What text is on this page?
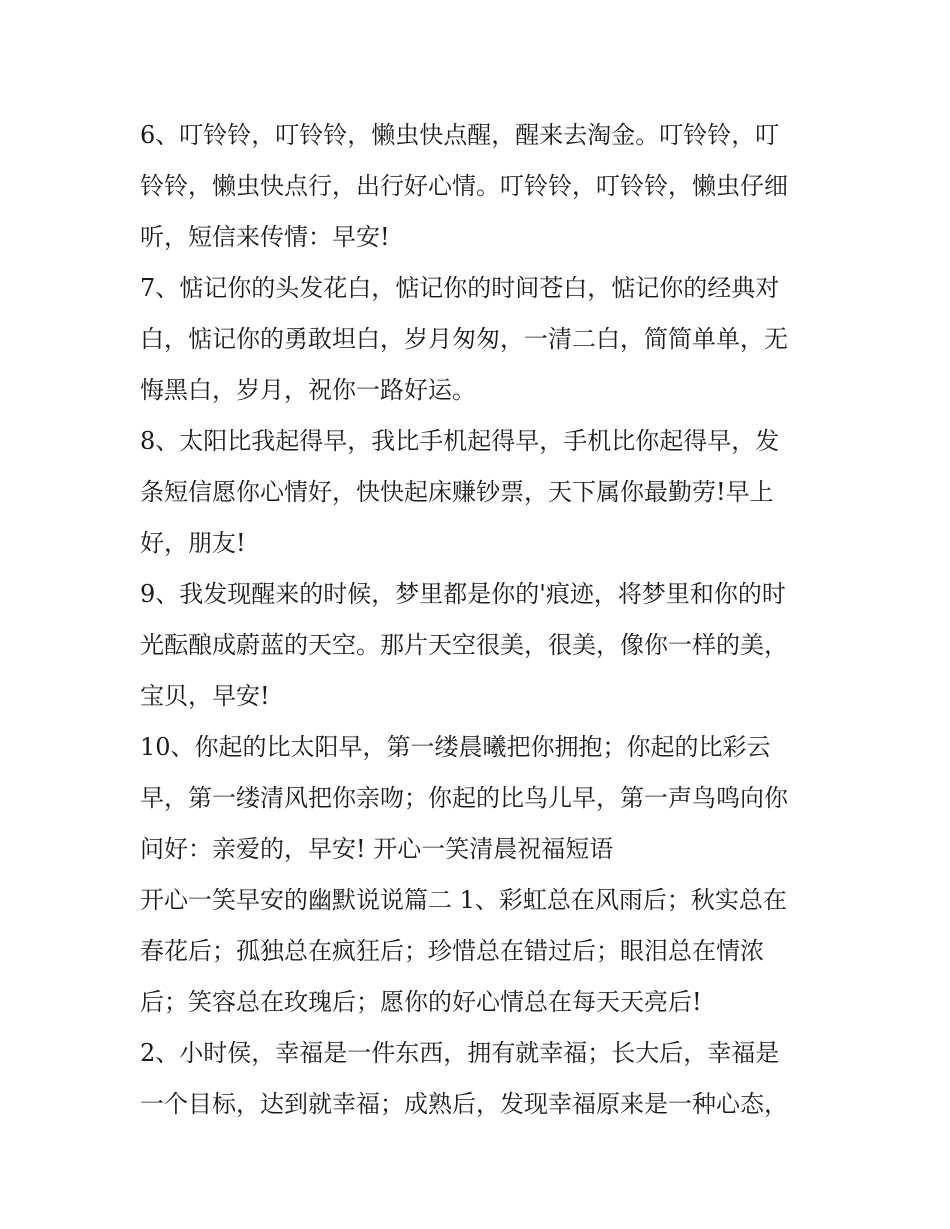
6、叮铃铃，叮铃铃，懒虫快点醒，醒来去淘金。叮铃铃，叮
铃铃，懒虫快点行，出行好心情。叮铃铃，叮铃铃，懒虫仔细
听，短信来传情：早安!
7、惦记你的头发花白，惦记你的时间苍白，惦记你的经典对
白，惦记你的勇敢坦白，岁月匆匆，一清二白，简简单单，无
悔黑白，岁月，祝你一路好运。
8、太阳比我起得早，我比手机起得早，手机比你起得早，发
条短信愿你心情好，快快起床赚钞票，天下属你最勤劳!早上
好，朋友!
9、我发现醒来的时候，梦里都是你的'痕迹，将梦里和你的时
光酝酿成蔚蓝的天空。那片天空很美，很美，像你一样的美，
宝贝，早安!
10、你起的比太阳早，第一缕晨曦把你拥抱；你起的比彩云
早，第一缕清风把你亲吻；你起的比鸟儿早，第一声鸟鸣向你
问好：亲爱的，早安! 开心一笑清晨祝福短语
开心一笑早安的幽默说说篇二 1、彩虹总在风雨后；秋实总在
春花后；孤独总在疯狂后；珍惜总在错过后；眼泪总在情浓
后；笑容总在玫瑰后；愿你的好心情总在每天天亮后!
2、小时侯，幸福是一件东西，拥有就幸福；长大后，幸福是
一个目标，达到就幸福；成熟后，发现幸福原来是一种心态，
